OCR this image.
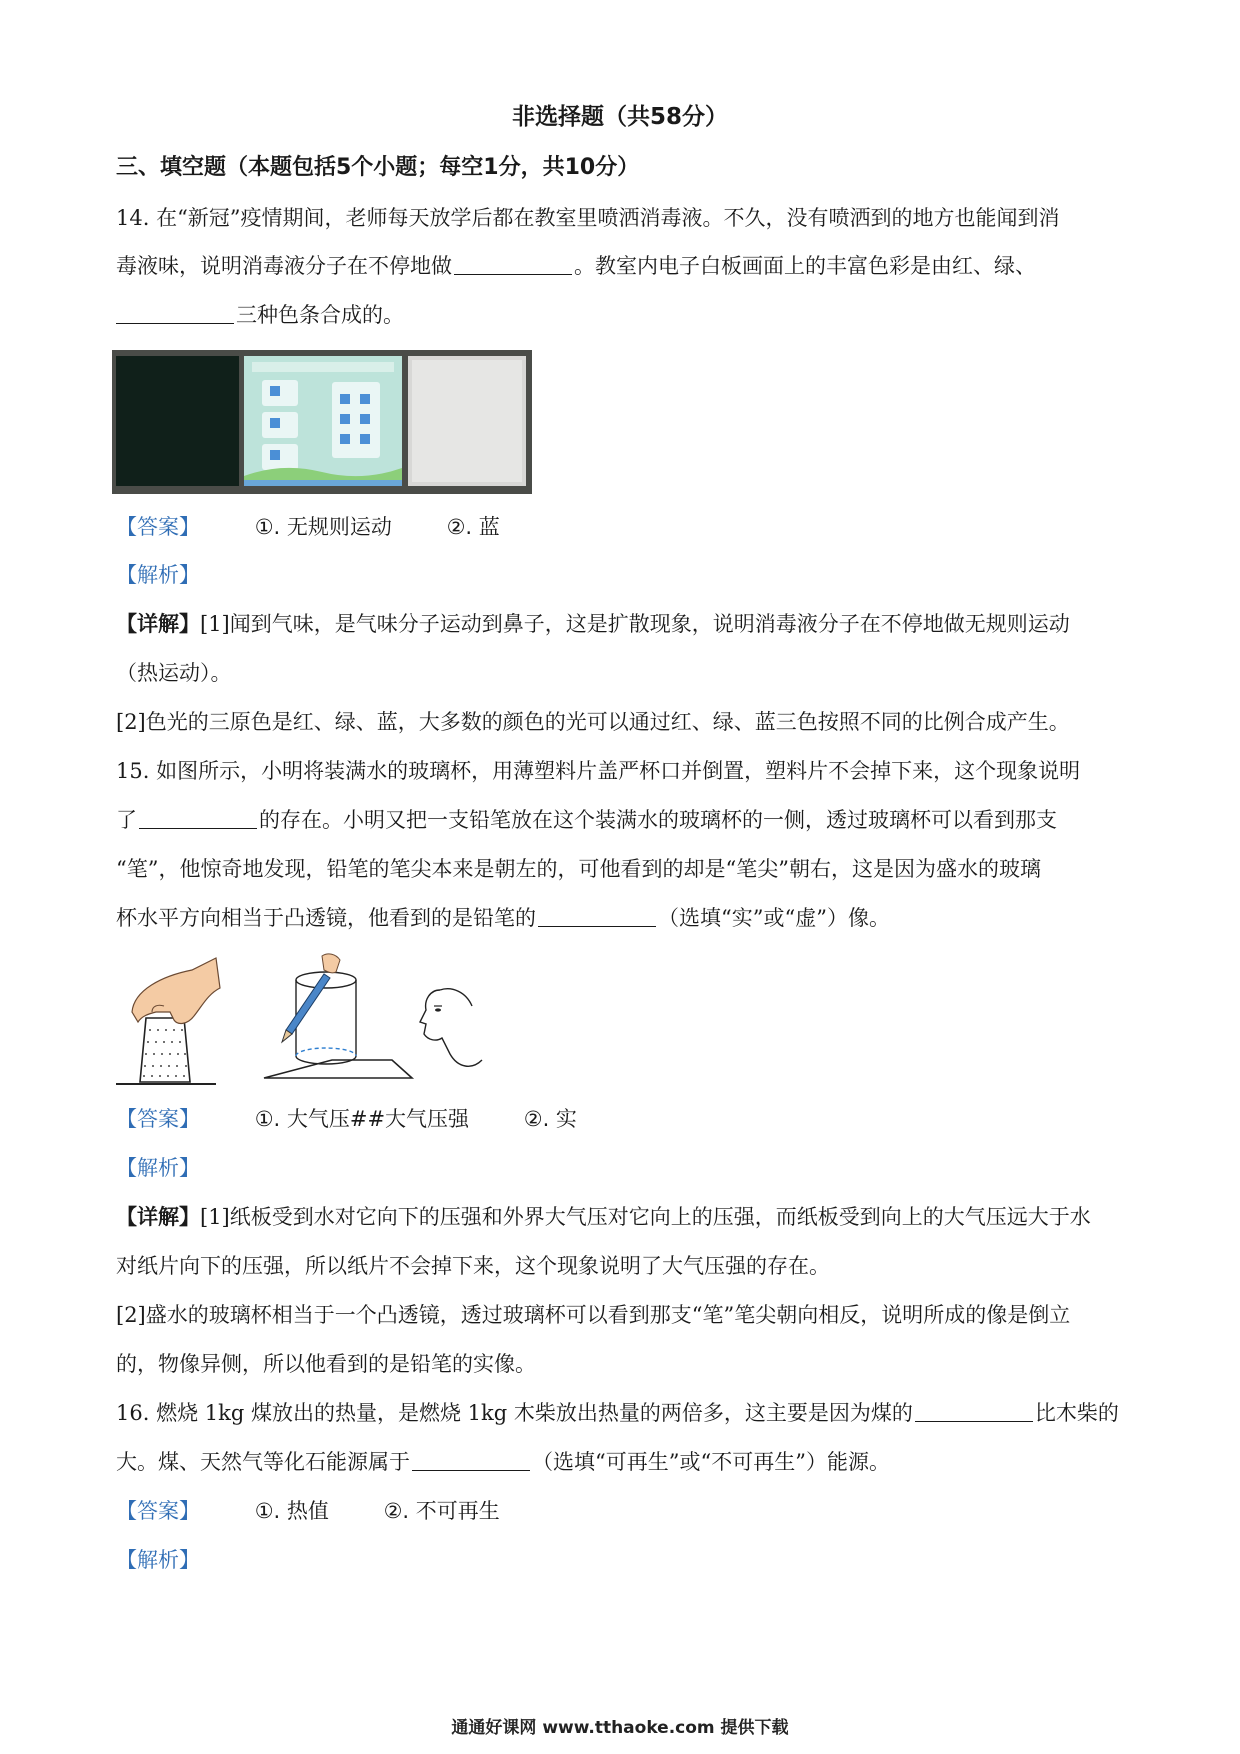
非选择题（共58分）
三、填空题（本题包括5个小题；每空1分，共10分）
14. 在“新冠”疫情期间，老师每天放学后都在教室里喷洒消毒液。不久，没有喷洒到的地方也能闻到消
毒液味，说明消毒液分子在不停地做	。教室内电子白板画面上的丰富色彩是由红、绿、
三种色条合成的。
【答案】	①. 无规则运动	②. 蓝
【解析】
【详解】[1]闻到气味，是气味分子运动到鼻子，这是扩散现象，说明消毒液分子在不停地做无规则运动
（热运动）。
[2]色光的三原色是红、绿、蓝，大多数的颜色的光可以通过红、绿、蓝三色按照不同的比例合成产生。
15. 如图所示，小明将装满水的玻璃杯，用薄塑料片盖严杯口并倒置，塑料片不会掉下来，这个现象说明
了	的存在。小明又把一支铅笔放在这个装满水的玻璃杯的一侧，透过玻璃杯可以看到那支
“笔”，他惊奇地发现，铅笔的笔尖本来是朝左的，可他看到的却是“笔尖”朝右，这是因为盛水的玻璃
杯水平方向相当于凸透镜，他看到的是铅笔的	（选填“实”或“虚”）像。
【答案】	①. 大气压##大气压强	②. 实
【解析】
【详解】[1]纸板受到水对它向下的压强和外界大气压对它向上的压强，而纸板受到向上的大气压远大于水
对纸片向下的压强，所以纸片不会掉下来，这个现象说明了大气压强的存在。
[2]盛水的玻璃杯相当于一个凸透镜，透过玻璃杯可以看到那支“笔”笔尖朝向相反，说明所成的像是倒立
的，物像异侧，所以他看到的是铅笔的实像。
16. 燃烧 1kg 煤放出的热量，是燃烧 1kg 木柴放出热量的两倍多，这主要是因为煤的	比木柴的
大。煤、天然气等化石能源属于	（选填“可再生”或“不可再生”）能源。
【答案】	①. 热值	②. 不可再生
【解析】
通通好课网 www.tthaoke.com 提供下载
